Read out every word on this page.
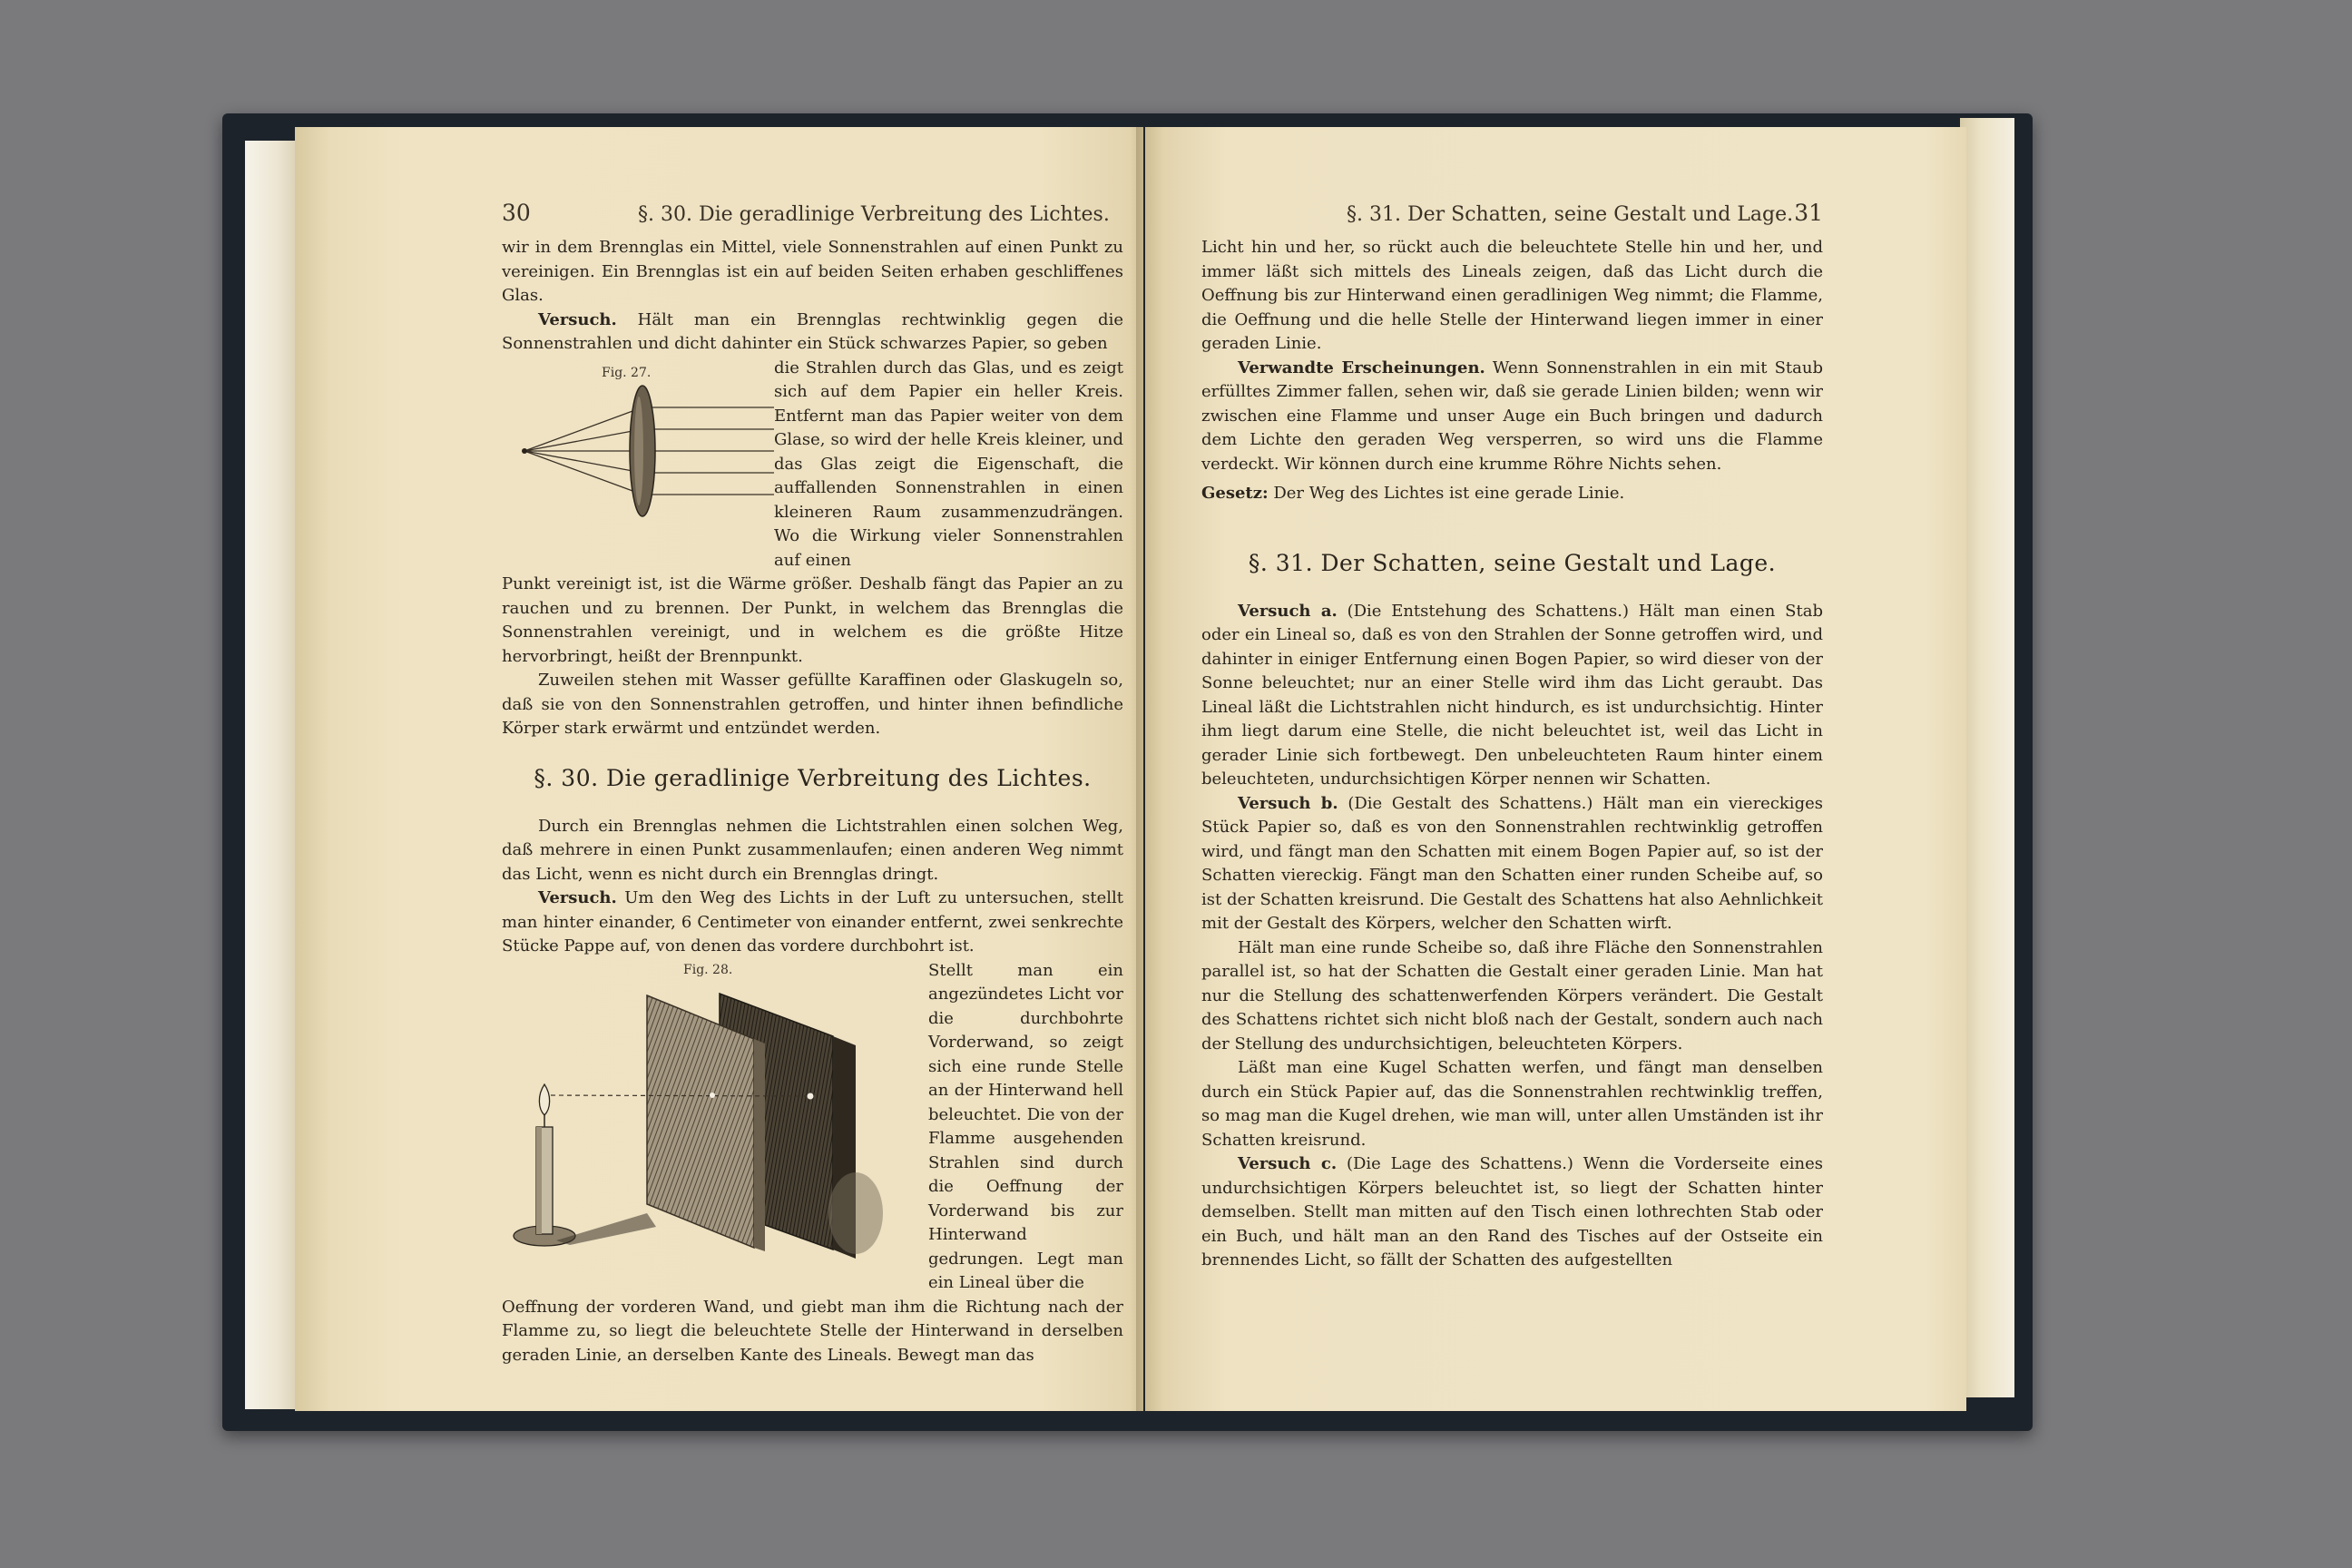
30	§. 30. Die geradlinige Verbreitung des Lichtes.

wir in dem Brennglas ein Mittel, viele Sonnenstrahlen auf einen Punkt zu vereinigen. Ein Brennglas ist ein auf beiden Seiten erhaben geschliffenes Glas.

Versuch. Hält man ein Brennglas rechtwinklig gegen die Sonnenstrahlen und dicht dahinter ein Stück schwarzes Papier, so geben

Fig. 27.	die Strahlen durch das Glas, und es zeigt sich auf dem Papier ein heller Kreis. Entfernt man das Papier weiter von dem Glase, so wird der helle Kreis kleiner, und das Glas zeigt die Eigenschaft, die auffallenden Sonnenstrahlen in einen kleineren Raum zusammenzudrängen. Wo die Wirkung vieler Sonnenstrahlen auf einen

Punkt vereinigt ist, ist die Wärme größer. Deshalb fängt das Papier an zu rauchen und zu brennen. Der Punkt, in welchem das Brennglas die Sonnenstrahlen vereinigt, und in welchem es die größte Hitze hervorbringt, heißt der Brennpunkt.

Zuweilen stehen mit Wasser gefüllte Karaffinen oder Glaskugeln so, daß sie von den Sonnenstrahlen getroffen, und hinter ihnen befindliche Körper stark erwärmt und entzündet werden.

§. 30. Die geradlinige Verbreitung des Lichtes.

Durch ein Brennglas nehmen die Lichtstrahlen einen solchen Weg, daß mehrere in einen Punkt zusammenlaufen; einen anderen Weg nimmt das Licht, wenn es nicht durch ein Brennglas dringt.

Versuch. Um den Weg des Lichts in der Luft zu untersuchen, stellt man hinter einander, 6 Centimeter von einander entfernt, zwei senkrechte Stücke Pappe auf, von denen das vordere durchbohrt ist.

Fig. 28.	Stellt man ein angezündetes Licht vor die durchbohrte Vorderwand, so zeigt sich eine runde Stelle an der Hinterwand hell beleuchtet. Die von der Flamme ausgehenden Strahlen sind durch die Oeffnung der Vorderwand bis zur Hinterwand gedrungen. Legt man ein Lineal über die

Oeffnung der vorderen Wand, und giebt man ihm die Richtung nach der Flamme zu, so liegt die beleuchtete Stelle der Hinterwand in derselben geraden Linie, an derselben Kante des Lineals. Bewegt man das

§. 31. Der Schatten, seine Gestalt und Lage. 31

Licht hin und her, so rückt auch die beleuchtete Stelle hin und her, und immer läßt sich mittels des Lineals zeigen, daß das Licht durch die Oeffnung bis zur Hinterwand einen geradlinigen Weg nimmt; die Flamme, die Oeffnung und die helle Stelle der Hinterwand liegen immer in einer geraden Linie.

Verwandte Erscheinungen. Wenn Sonnenstrahlen in ein mit Staub erfülltes Zimmer fallen, sehen wir, daß sie gerade Linien bilden; wenn wir zwischen eine Flamme und unser Auge ein Buch bringen und dadurch dem Lichte den geraden Weg versperren, so wird uns die Flamme verdeckt. Wir können durch eine krumme Röhre Nichts sehen.

Gesetz: Der Weg des Lichtes ist eine gerade Linie.

§. 31. Der Schatten, seine Gestalt und Lage.

Versuch a. (Die Entstehung des Schattens.) Hält man einen Stab oder ein Lineal so, daß es von den Strahlen der Sonne getroffen wird, und dahinter in einiger Entfernung einen Bogen Papier, so wird dieser von der Sonne beleuchtet; nur an einer Stelle wird ihm das Licht geraubt. Das Lineal läßt die Lichtstrahlen nicht hindurch, es ist undurchsichtig. Hinter ihm liegt darum eine Stelle, die nicht beleuchtet ist, weil das Licht in gerader Linie sich fortbewegt. Den unbeleuchteten Raum hinter einem beleuchteten, undurchsichtigen Körper nennen wir Schatten.

Versuch b. (Die Gestalt des Schattens.) Hält man ein viereckiges Stück Papier so, daß es von den Sonnenstrahlen rechtwinklig getroffen wird, und fängt man den Schatten mit einem Bogen Papier auf, so ist der Schatten viereckig. Fängt man den Schatten einer runden Scheibe auf, so ist der Schatten kreisrund. Die Gestalt des Schattens hat also Aehnlichkeit mit der Gestalt des Körpers, welcher den Schatten wirft.

Hält man eine runde Scheibe so, daß ihre Fläche den Sonnenstrahlen parallel ist, so hat der Schatten die Gestalt einer geraden Linie. Man hat nur die Stellung des schattenwerfenden Körpers verändert. Die Gestalt des Schattens richtet sich nicht bloß nach der Gestalt, sondern auch nach der Stellung des undurchsichtigen, beleuchteten Körpers.

Läßt man eine Kugel Schatten werfen, und fängt man denselben durch ein Stück Papier auf, das die Sonnenstrahlen rechtwinklig treffen, so mag man die Kugel drehen, wie man will, unter allen Umständen ist ihr Schatten kreisrund.

Versuch c. (Die Lage des Schattens.) Wenn die Vorderseite eines undurchsichtigen Körpers beleuchtet ist, so liegt der Schatten hinter demselben. Stellt man mitten auf den Tisch einen lothrechten Stab oder ein Buch, und hält man an den Rand des Tisches auf der Ostseite ein brennendes Licht, so fällt der Schatten des aufgestellten
